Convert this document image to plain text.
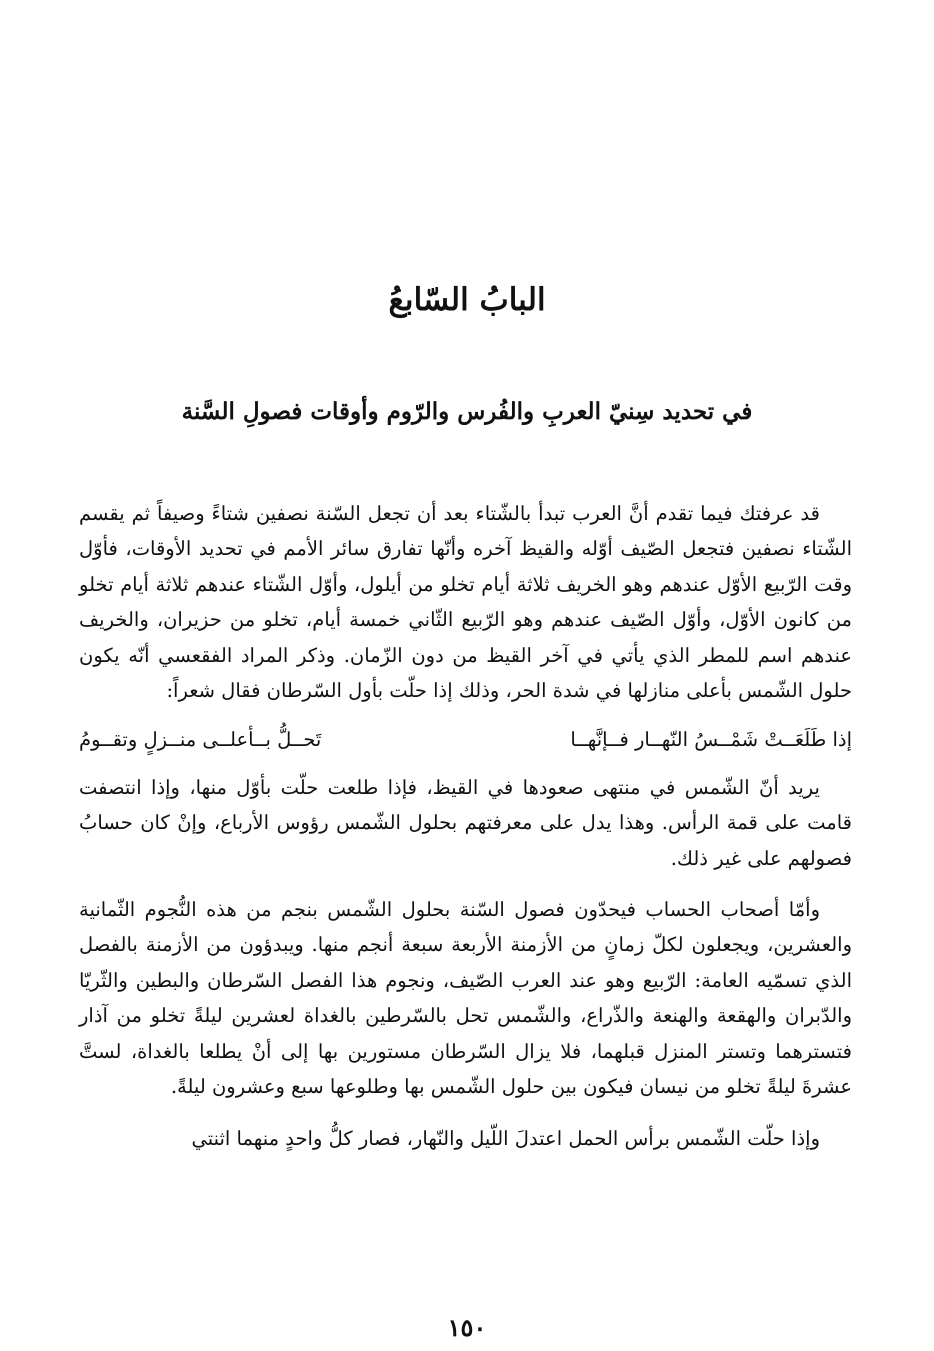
البابُ السّابعُ
في تحديد سِنيّ العربِ والفُرس والرّوم وأوقات فصولِ السَّنة

قد عرفتك فيما تقدم أنَّ العرب تبدأ بالشّتاء بعد أن تجعل السّنة نصفين شتاءً وصيفاً ثم يقسم الشّتاء نصفين فتجعل الصّيف أوّله والقيظ آخره وأنّها تفارق سائر الأمم في تحديد الأوقات، فأوّل وقت الرّبيع الأوّل عندهم وهو الخريف ثلاثة أيام تخلو من أيلول، وأوّل الشّتاء عندهم ثلاثة أيام تخلو من كانون الأوّل، وأوّل الصّيف عندهم وهو الرّبيع الثّاني خمسة أيام، تخلو من حزيران، والخريف عندهم اسم للمطر الذي يأتي في آخر القيظ من دون الزّمان. وذكر المراد الفقعسي أنّه يكون حلول الشّمس بأعلى منازلها في شدة الحر، وذلك إذا حلّت بأول السّرطان فقال شعراً:

إذا طَلَعَــتْ شَمْــسُ النّهــار فــإنَّهــا
تَحــلُّ بــأعلــى منــزلٍ وتقــومُ

يريد أنّ الشّمس في منتهى صعودها في القيظ، فإذا طلعت حلّت بأوّل منها، وإذا انتصفت قامت على قمة الرأس. وهذا يدل على معرفتهم بحلول الشّمس رؤوس الأرباع، وإنْ كان حسابُ فصولهم على غير ذلك.

وأمّا أصحاب الحساب فيحدّون فصول السّنة بحلول الشّمس بنجم من هذه النُّجوم الثّمانية والعشرين، ويجعلون لكلّ زمانٍ من الأزمنة الأربعة سبعة أنجم منها. ويبدؤون من الأزمنة بالفصل الذي تسمّيه العامة: الرّبيع وهو عند العرب الصّيف، ونجوم هذا الفصل السّرطان والبطين والثّريّا والدّبران والهقعة والهنعة والذّراع، والشّمس تحل بالسّرطين بالغداة لعشرين ليلةً تخلو من آذار فتسترهما وتستر المنزل قبلهما، فلا يزال السّرطان مستورين بها إلى أنْ يطلعا بالغداة، لستَّ عشرةَ ليلةً تخلو من نيسان فيكون بين حلول الشّمس بها وطلوعها سبع وعشرون ليلةً.

وإذا حلّت الشّمس برأس الحمل اعتدلَ اللّيل والنّهار، فصار كلُّ واحدٍ منهما اثنتي

١٥٠
